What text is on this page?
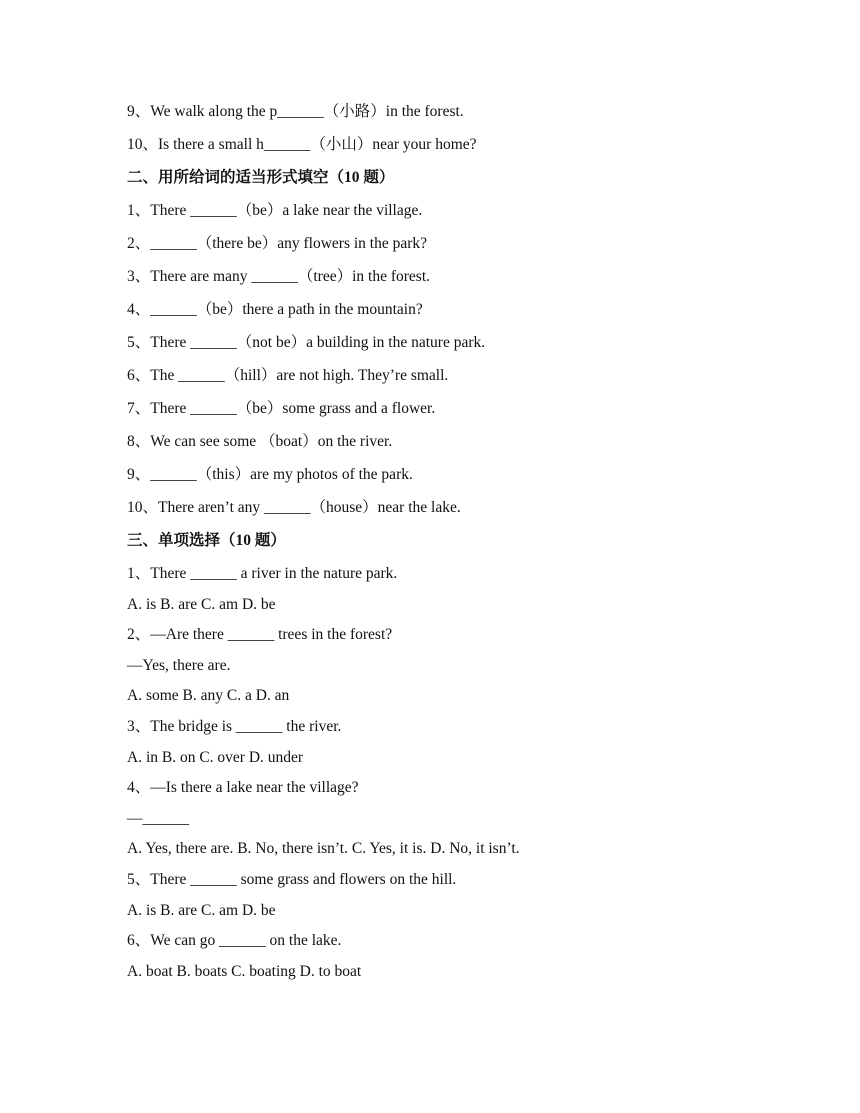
9、We walk along the p______（小路）in the forest.
10、Is there a small h______（小山）near your home?
二、用所给词的适当形式填空（10 题）
1、There ______（be）a lake near the village.
2、______（there be）any flowers in the park?
3、There are many ______（tree）in the forest.
4、______（be）there a path in the mountain?
5、There ______（not be）a building in the nature park.
6、The ______（hill）are not high. They’re small.
7、There ______（be）some grass and a flower.
8、We can see some （boat）on the river.
9、______（this）are my photos of the park.
10、There aren’t any ______（house）near the lake.
三、单项选择（10 题）
1、There ______ a river in the nature park.
A. is B. are C. am D. be
2、—Are there ______ trees in the forest?
—Yes, there are.
A. some B. any C. a D. an
3、The bridge is ______ the river.
A. in B. on C. over D. under
4、—Is there a lake near the village?
—______
A. Yes, there are. B. No, there isn’t. C. Yes, it is. D. No, it isn’t.
5、There ______ some grass and flowers on the hill.
A. is B. are C. am D. be
6、We can go ______ on the lake.
A. boat B. boats C. boating D. to boat
